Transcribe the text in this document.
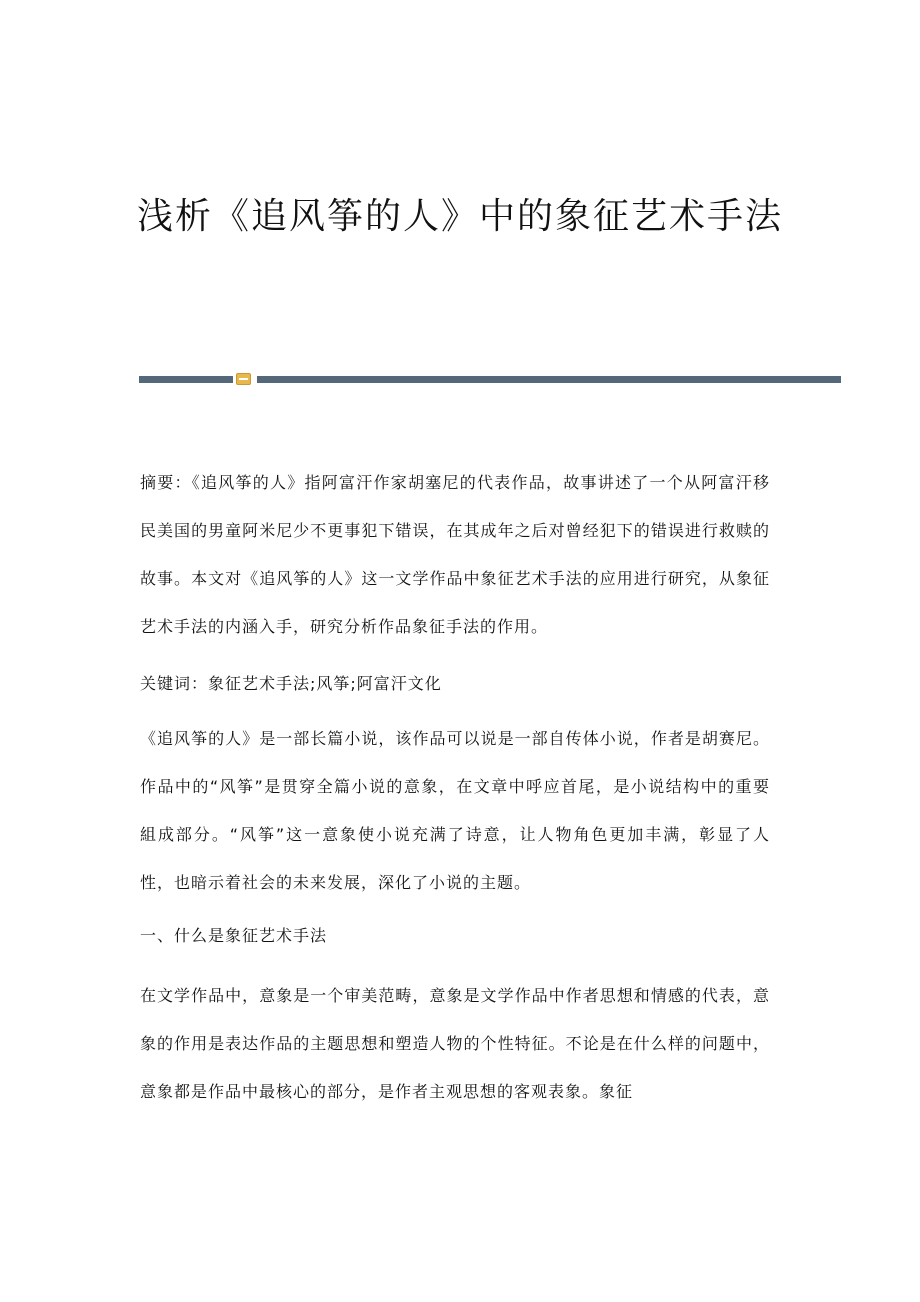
浅析《追风筝的人》中的象征艺术手法

摘要：《追风筝的人》指阿富汗作家胡塞尼的代表作品，故事讲述了一个从阿富汗移民美国的男童阿米尼少不更事犯下错误，在其成年之后对曾经犯下的错误进行救赎的故事。本文对《追风筝的人》这一文学作品中象征艺术手法的应用进行研究，从象征艺术手法的内涵入手，研究分析作品象征手法的作用。

关键词：象征艺术手法;风筝;阿富汗文化

《追风筝的人》是一部长篇小说，该作品可以说是一部自传体小说，作者是胡赛尼。作品中的“风筝”是贯穿全篇小说的意象，在文章中呼应首尾，是小说结构中的重要組成部分。“风筝”这一意象使小说充满了诗意，让人物角色更加丰满，彰显了人性，也暗示着社会的未来发展，深化了小说的主题。

一、什么是象征艺术手法

在文学作品中，意象是一个审美范畴，意象是文学作品中作者思想和情感的代表，意象的作用是表达作品的主题思想和塑造人物的个性特征。不论是在什么样的问题中，意象都是作品中最核心的部分，是作者主观思想的客观表象。象征
